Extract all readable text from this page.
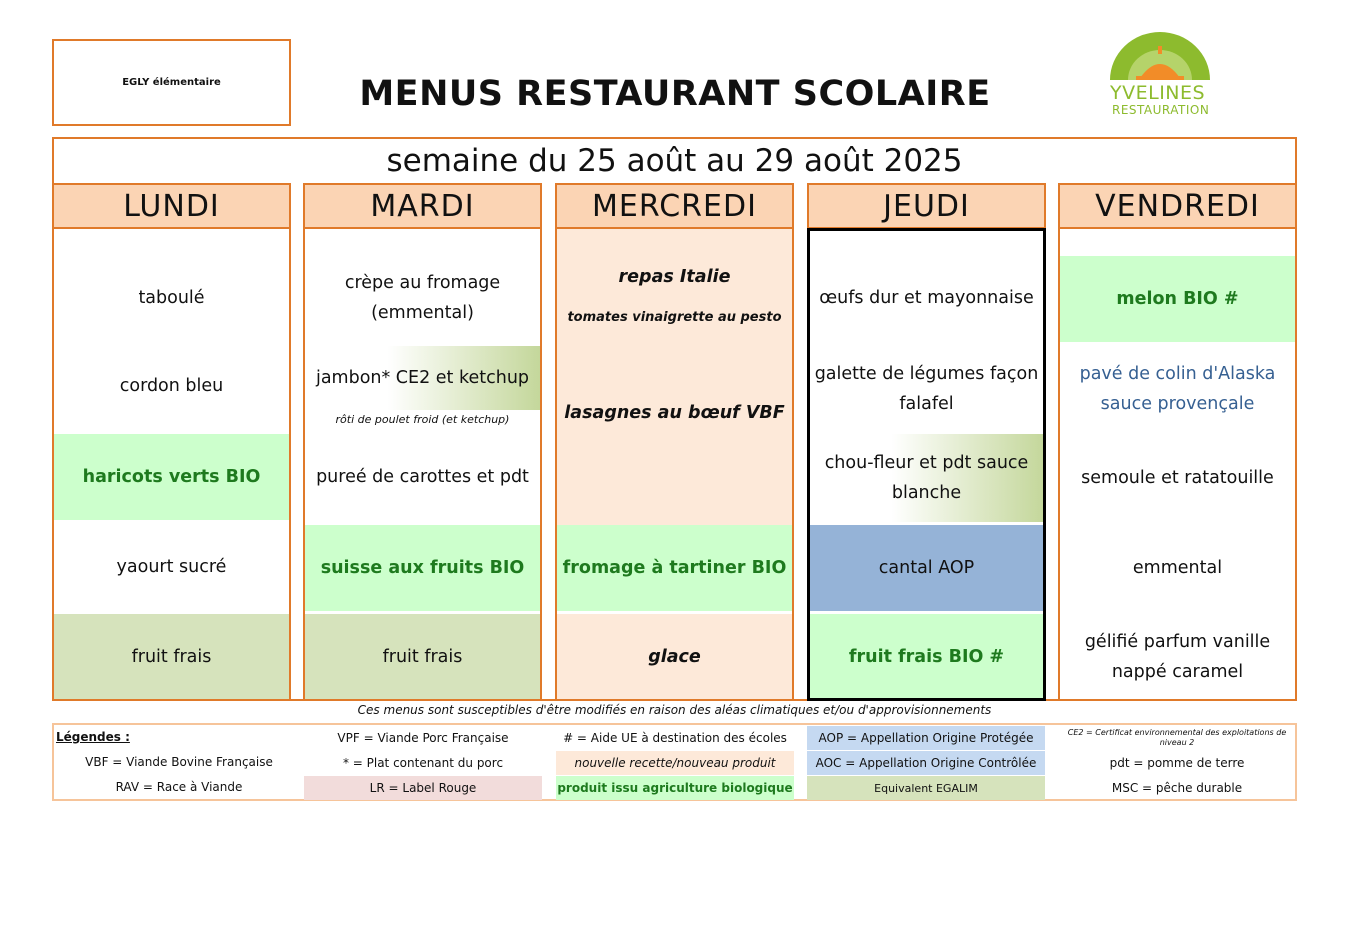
EGLY élémentaire	MENUS RESTAURANT SCOLAIRE	YVELINES
RESTAURATION
semaine du 25 août au 29 août 2025
LUNDI
taboulé
cordon bleu
haricots verts BIO
yaourt sucré
fruit frais
MARDI
crèpe au fromage
(emmental)
jambon* CE2 et ketchup
rôti de poulet froid (et ketchup)
pureé de carottes et pdt
suisse aux fruits BIO
fruit frais
MERCREDI
repas Italie
tomates vinaigrette au pesto
lasagnes au bœuf VBF
fromage à tartiner BIO
glace
JEUDI
œufs dur et mayonnaise
galette de légumes façon
falafel
chou-fleur et pdt sauce
blanche
cantal AOP
fruit frais BIO #
VENDREDI
melon BIO #
pavé de colin d'Alaska
sauce provençale
semoule et ratatouille
emmental
gélifié parfum vanille
nappé caramel
Ces menus sont susceptibles d'être modifiés en raison des aléas climatiques et/ou d'approvisionnements
Légendes :
VBF = Viande Bovine Française
RAV = Race à Viande
VPF = Viande Porc Française
* = Plat contenant du porc
LR = Label Rouge
# = Aide UE à destination des écoles
nouvelle recette/nouveau produit
produit issu agriculture biologique
AOP = Appellation Origine Protégée
AOC = Appellation Origine Contrôlée
Equivalent EGALIM
CE2 = Certificat environnemental des exploitations de niveau 2
pdt = pomme de terre
MSC = pêche durable
